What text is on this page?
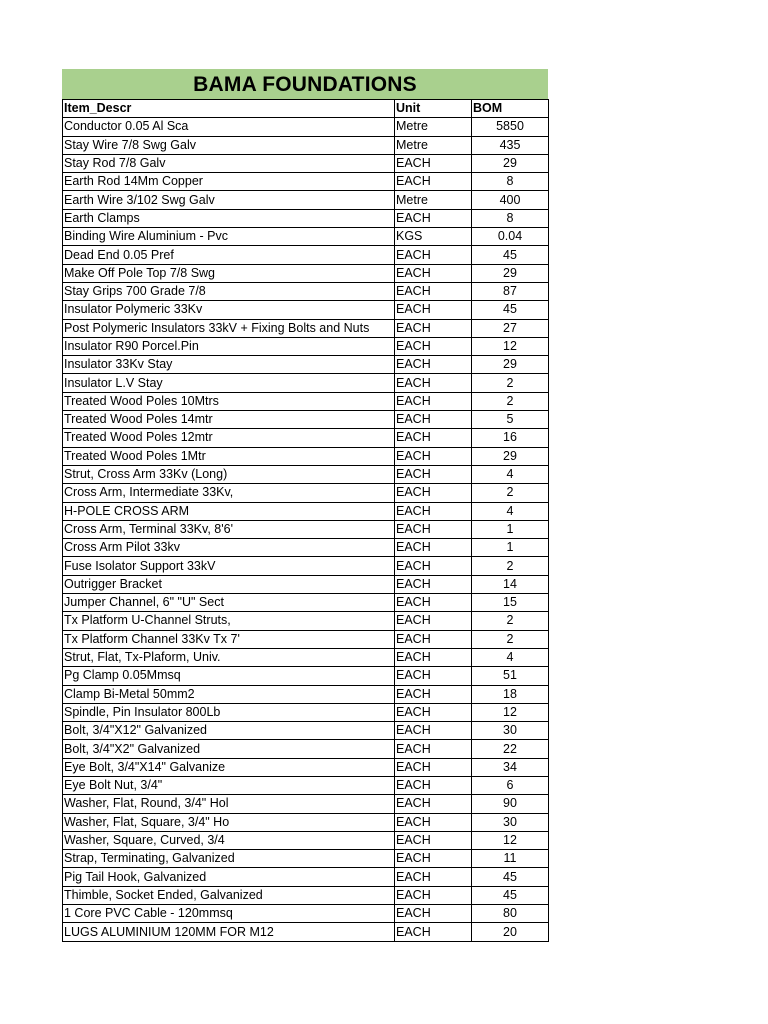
BAMA FOUNDATIONS
Item_Descr	Unit	BOM
Conductor 0.05 Al Sca	Metre	5850
Stay Wire 7/8 Swg Galv	Metre	435
Stay Rod 7/8 Galv	EACH	29
Earth Rod 14Mm Copper	EACH	8
Earth Wire 3/102 Swg Galv	Metre	400
Earth Clamps	EACH	8
Binding Wire Aluminium - Pvc	KGS	0.04
Dead End 0.05 Pref	EACH	45
Make Off Pole Top 7/8 Swg	EACH	29
Stay Grips 700 Grade 7/8	EACH	87
Insulator Polymeric 33Kv	EACH	45
Post Polymeric Insulators 33kV + Fixing Bolts and Nuts	EACH	27
Insulator R90 Porcel.Pin	EACH	12
Insulator 33Kv Stay	EACH	29
Insulator L.V Stay	EACH	2
Treated Wood Poles 10Mtrs	EACH	2
Treated Wood Poles 14mtr	EACH	5
Treated Wood Poles 12mtr	EACH	16
Treated Wood Poles 1Mtr	EACH	29
Strut, Cross Arm 33Kv (Long)	EACH	4
Cross Arm, Intermediate 33Kv,	EACH	2
H-POLE CROSS ARM	EACH	4
Cross Arm, Terminal 33Kv, 8'6'	EACH	1
Cross Arm Pilot 33kv	EACH	1
Fuse Isolator Support 33kV	EACH	2
Outrigger Bracket	EACH	14
Jumper Channel, 6" "U" Sect	EACH	15
Tx Platform U-Channel Struts,	EACH	2
Tx Platform Channel 33Kv Tx 7'	EACH	2
Strut, Flat, Tx-Plaform, Univ.	EACH	4
Pg Clamp 0.05Mmsq	EACH	51
Clamp Bi-Metal 50mm2	EACH	18
Spindle, Pin Insulator 800Lb	EACH	12
Bolt, 3/4"X12" Galvanized	EACH	30
Bolt, 3/4"X2" Galvanized	EACH	22
Eye Bolt, 3/4"X14" Galvanize	EACH	34
Eye Bolt Nut, 3/4"	EACH	6
Washer, Flat, Round, 3/4" Hol	EACH	90
Washer, Flat, Square, 3/4" Ho	EACH	30
Washer, Square, Curved, 3/4	EACH	12
Strap, Terminating, Galvanized	EACH	11
Pig Tail Hook, Galvanized	EACH	45
Thimble, Socket Ended, Galvanized	EACH	45
1 Core PVC Cable - 120mmsq	EACH	80
LUGS ALUMINIUM 120MM FOR M12	EACH	20
